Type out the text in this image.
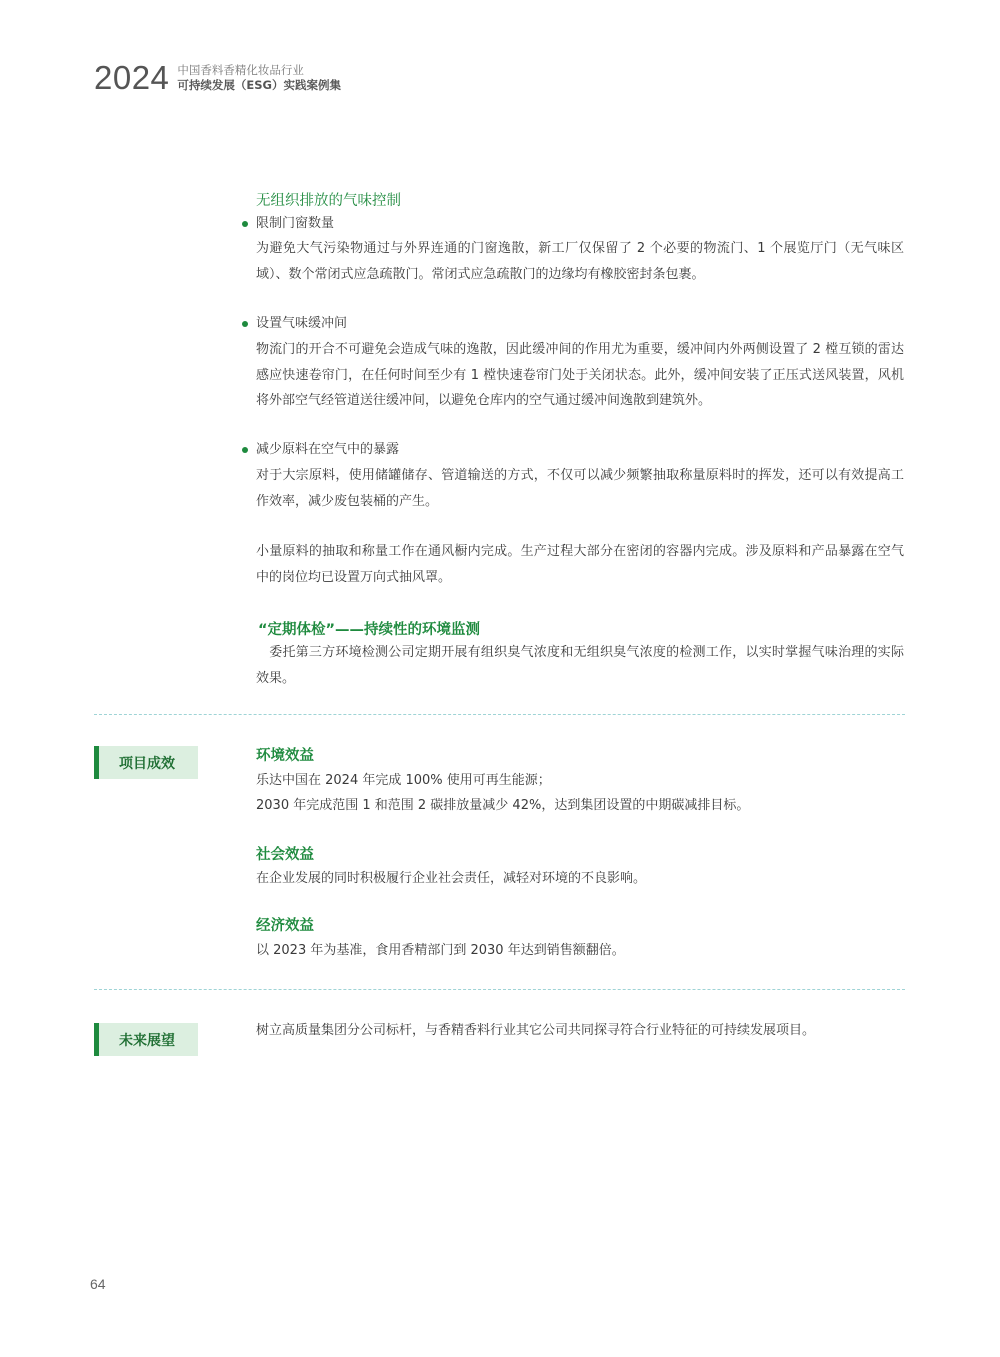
2024 中国香料香精化妆品行业
可持续发展（ESG）实践案例集
无组织排放的气味控制
限制门窗数量
为避免大气污染物通过与外界连通的门窗逸散，新工厂仅保留了 2 个必要的物流门、1 个展览厅门（无气味区域）、数个常闭式应急疏散门。常闭式应急疏散门的边缘均有橡胶密封条包裹。
设置气味缓冲间
物流门的开合不可避免会造成气味的逸散，因此缓冲间的作用尤为重要，缓冲间内外两侧设置了 2 樘互锁的雷达感应快速卷帘门，在任何时间至少有 1 樘快速卷帘门处于关闭状态。此外，缓冲间安装了正压式送风装置，风机将外部空气经管道送往缓冲间，以避免仓库内的空气通过缓冲间逸散到建筑外。
减少原料在空气中的暴露
对于大宗原料，使用储罐储存、管道输送的方式，不仅可以减少频繁抽取称量原料时的挥发，还可以有效提高工作效率，减少废包装桶的产生。
小量原料的抽取和称量工作在通风橱内完成。生产过程大部分在密闭的容器内完成。涉及原料和产品暴露在空气中的岗位均已设置万向式抽风罩。
“定期体检”——持续性的环境监测
　委托第三方环境检测公司定期开展有组织臭气浓度和无组织臭气浓度的检测工作，以实时掌握气味治理的实际效果。
项目成效	环境效益
乐达中国在 2024 年完成 100% 使用可再生能源；
2030 年完成范围 1 和范围 2 碳排放量减少 42%，达到集团设置的中期碳减排目标。
社会效益
在企业发展的同时积极履行企业社会责任，减轻对环境的不良影响。
经济效益
以 2023 年为基准，食用香精部门到 2030 年达到销售额翻倍。
未来展望
树立高质量集团分公司标杆，与香精香料行业其它公司共同探寻符合行业特征的可持续发展项目。
64
